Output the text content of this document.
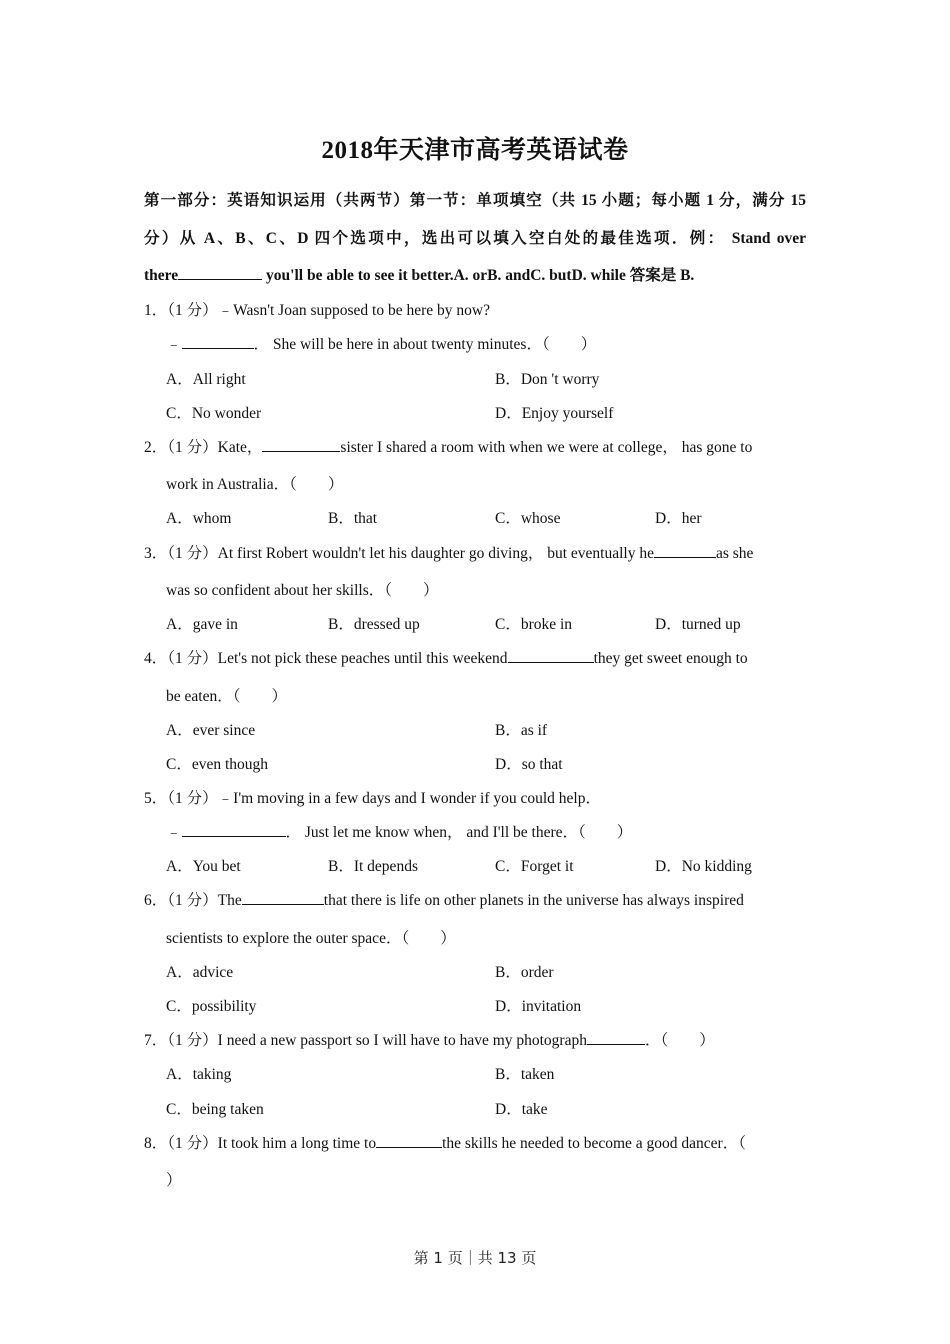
2018年天津市高考英语试卷
第一部分：英语知识运用（共两节）第一节：单项填空（共 15 小题；每小题 1 分，满分 15
分）从 A、B、C、D 四个选项中，选出可以填入空白处的最佳选项．例： Stand over
there	you'll be able to see it better.A. orB. andC. butD. while 答案是 B.
1．（1 分）﹣Wasn't Joan supposed to be here by now?
﹣	． She will be here in about twenty minutes．（　　）
A．All right	B．Don 't worry
C．No wonder	D．Enjoy yourself
2．（1 分）Kate，	sister I shared a room with when we were at college， has gone to
work in Australia．（　　）
A．whom	B．that	C．whose	D．her
3．（1 分）At first Robert wouldn't let his daughter go diving， but eventually he	as she
was so confident about her skills．（　　）
A．gave in	B．dressed up	C．broke in	D．turned up
4．（1 分）Let's not pick these peaches until this weekend	they get sweet enough to
be eaten．（　　）
A．ever since	B．as if
C．even though	D．so that
5．（1 分）﹣I'm moving in a few days and I wonder if you could help．
﹣	． Just let me know when， and I'll be there．（　　）
A．You bet	B．It depends	C．Forget it	D．No kidding
6．（1 分）The	that there is life on other planets in the universe has always inspired
scientists to explore the outer space．（　　）
A．advice	B．order
C．possibility	D．invitation
7．（1 分）I need a new passport so I will have to have my photograph	．（　　）
A．taking	B．taken
C．being taken	D．take
8．（1 分）It took him a long time to	the skills he needed to become a good dancer．（
）
第 1 页｜共 13 页
